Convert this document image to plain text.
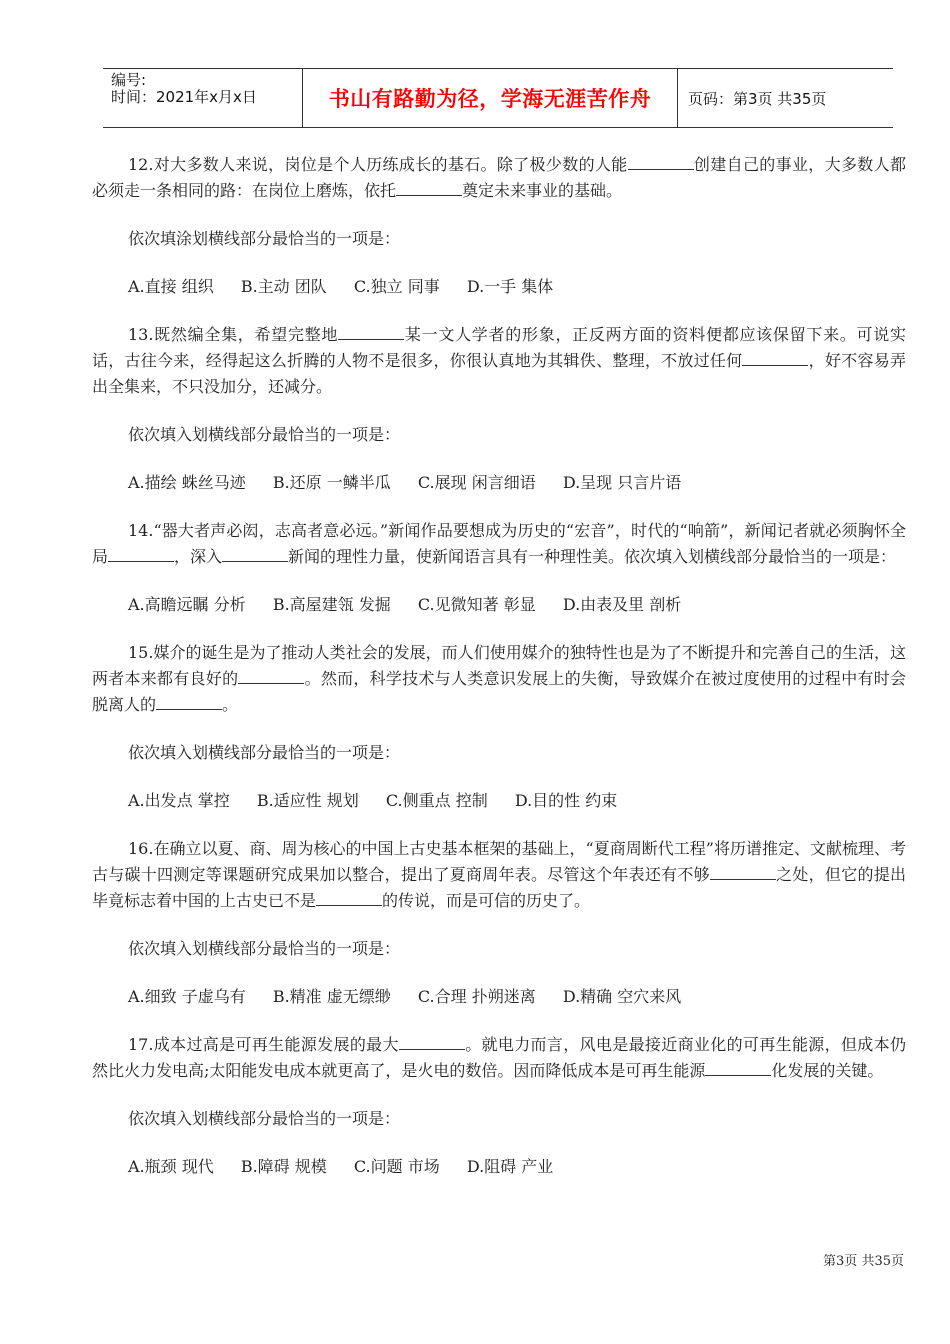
编号:
时间：2021年x月x日	书山有路勤为径，学海无涯苦作舟	页码：第3页 共35页
12.对大多数人来说，岗位是个人历练成长的基石。除了极少数的人能	创建自己的事业，大多数人都必须走一条相同的路：在岗位上磨炼，依托	奠定未来事业的基础。
依次填涂划横线部分最恰当的一项是：
A.直接 组织 B.主动 团队 C.独立 同事 D.一手 集体
13.既然编全集，希望完整地	某一文人学者的形象，正反两方面的资料便都应该保留下来。可说实话，古往今来，经得起这么折腾的人物不是很多，你很认真地为其辑佚、整理，不放过任何	，好不容易弄出全集来，不只没加分，还减分。
依次填入划横线部分最恰当的一项是：
A.描绘 蛛丝马迹 B.还原 一鳞半瓜 C.展现 闲言细语 D.呈现 只言片语
14.“器大者声必闳，志高者意必远。”新闻作品要想成为历史的“宏音”，时代的“响箭”，新闻记者就必须胸怀全局	，深入	新闻的理性力量，使新闻语言具有一种理性美。依次填入划横线部分最恰当的一项是：
A.高瞻远瞩 分析 B.高屋建瓴 发掘 C.见微知著 彰显 D.由表及里 剖析
15.媒介的诞生是为了推动人类社会的发展，而人们使用媒介的独特性也是为了不断提升和完善自己的生活，这两者本来都有良好的	。然而，科学技术与人类意识发展上的失衡，导致媒介在被过度使用的过程中有时会脱离人的	。
依次填入划横线部分最恰当的一项是：
A.出发点 掌控 B.适应性 规划 C.侧重点 控制 D.目的性 约束
16.在确立以夏、商、周为核心的中国上古史基本框架的基础上，“夏商周断代工程”将历谱推定、文献梳理、考古与碳十四测定等课题研究成果加以整合，提出了夏商周年表。尽管这个年表还有不够	之处，但它的提出毕竟标志着中国的上古史已不是	的传说，而是可信的历史了。
依次填入划横线部分最恰当的一项是：
A.细致 子虚乌有 B.精准 虚无缥缈 C.合理 扑朔迷离 D.精确 空穴来风
17.成本过高是可再生能源发展的最大	。就电力而言，风电是最接近商业化的可再生能源，但成本仍然比火力发电高;太阳能发电成本就更高了，是火电的数倍。因而降低成本是可再生能源	化发展的关键。
依次填入划横线部分最恰当的一项是：
A.瓶颈 现代 B.障碍 规模 C.问题 市场 D.阻碍 产业
第3页 共35页
